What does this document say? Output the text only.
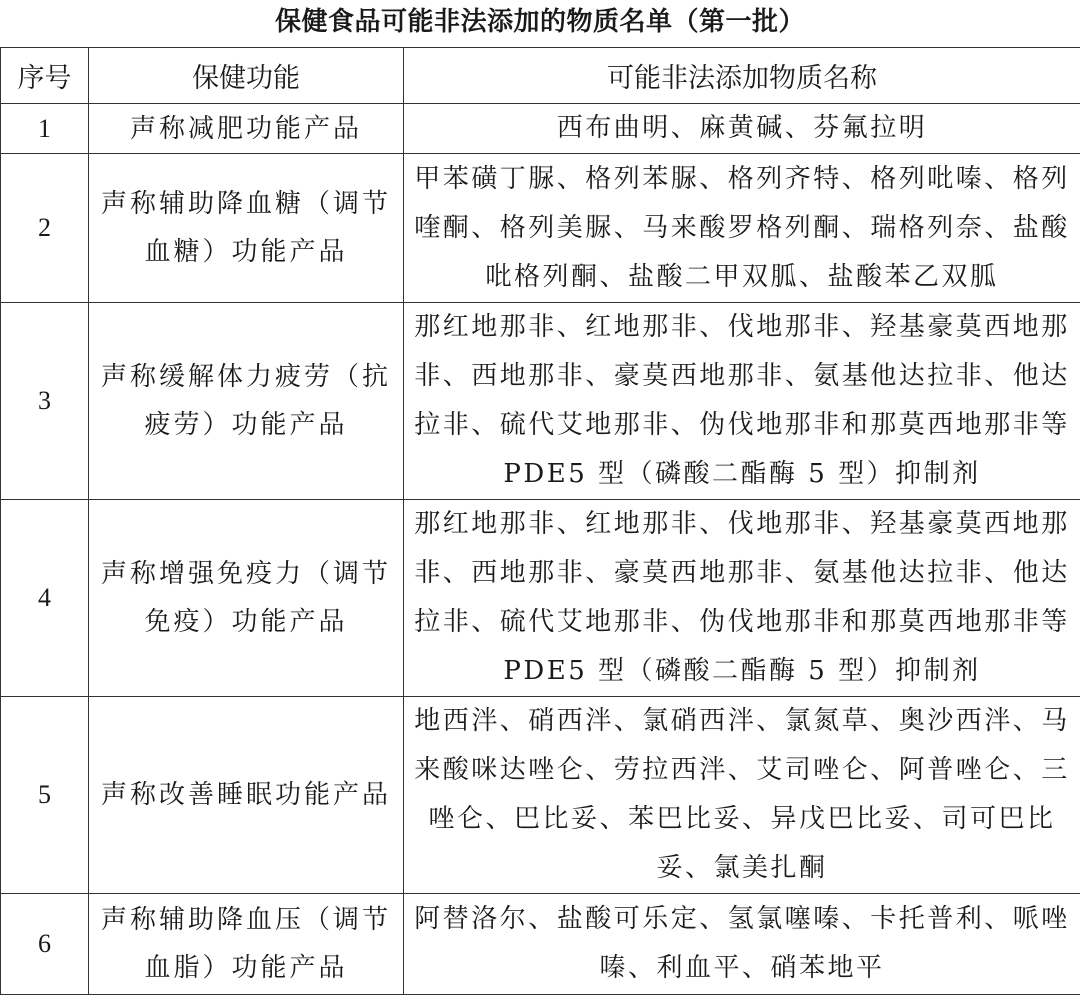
保健食品可能非法添加的物质名单（第一批）
序号	保健功能	可能非法添加物质名称
1	声称减肥功能产品	西布曲明、麻黄碱、芬氟拉明
2	声称辅助降血糖（调节血糖）功能产品	甲苯磺丁脲、格列苯脲、格列齐特、格列吡嗪、格列喹酮、格列美脲、马来酸罗格列酮、瑞格列奈、盐酸吡格列酮、盐酸二甲双胍、盐酸苯乙双胍
3	声称缓解体力疲劳（抗疲劳）功能产品	那红地那非、红地那非、伐地那非、羟基豪莫西地那非、西地那非、豪莫西地那非、氨基他达拉非、他达拉非、硫代艾地那非、伪伐地那非和那莫西地那非等 PDE5 型（磷酸二酯酶 5 型）抑制剂
4	声称增强免疫力（调节免疫）功能产品	那红地那非、红地那非、伐地那非、羟基豪莫西地那非、西地那非、豪莫西地那非、氨基他达拉非、他达拉非、硫代艾地那非、伪伐地那非和那莫西地那非等 PDE5 型（磷酸二酯酶 5 型）抑制剂
5	声称改善睡眠功能产品	地西泮、硝西泮、氯硝西泮、氯氮草、奥沙西泮、马来酸咪达唑仑、劳拉西泮、艾司唑仑、阿普唑仑、三唑仑、巴比妥、苯巴比妥、异戊巴比妥、司可巴比妥、氯美扎酮
6	声称辅助降血压（调节血脂）功能产品	阿替洛尔、盐酸可乐定、氢氯噻嗪、卡托普利、哌唑嗪、利血平、硝苯地平
